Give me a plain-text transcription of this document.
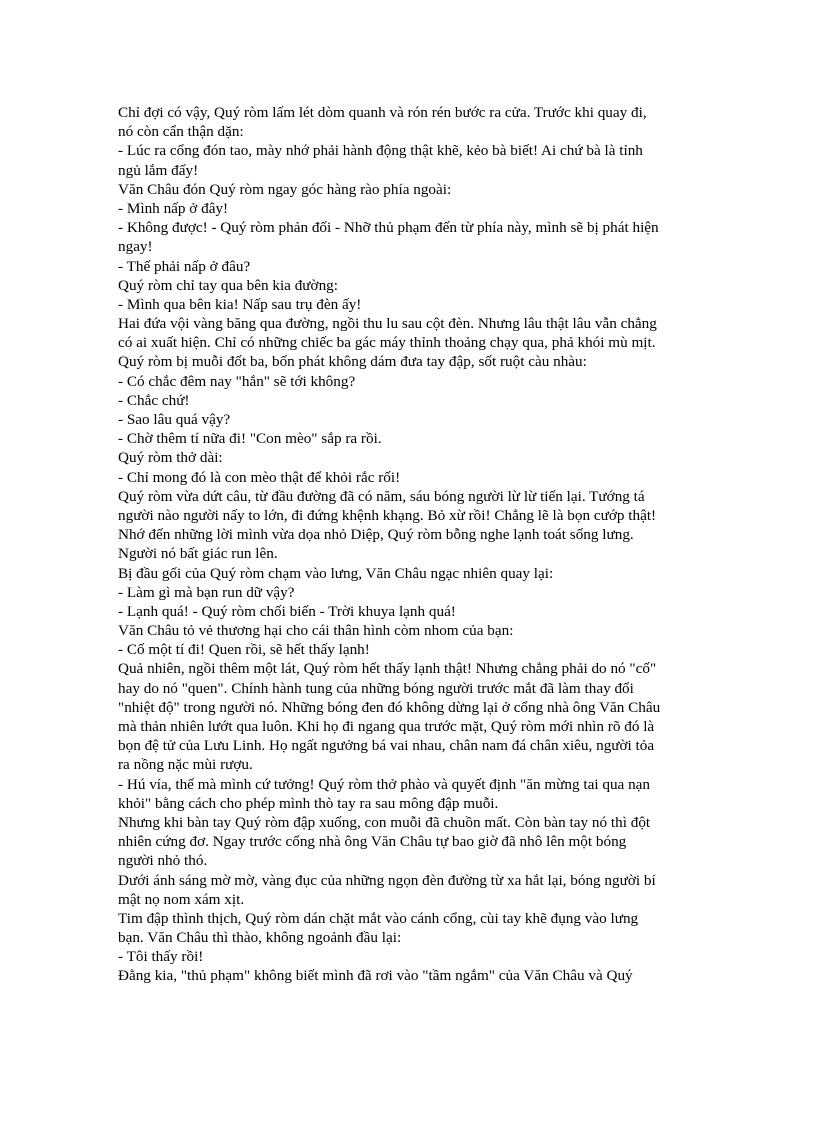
Chỉ đợi có vậy, Quý ròm lấm lét dòm quanh và rón rén bước ra cửa. Trước khi quay đi,
nó còn cẩn thận dặn:
- Lúc ra cổng đón tao, mày nhớ phải hành động thật khẽ, kẻo bà biết! Ai chứ bà là tỉnh
ngủ lắm đấy!
Văn Châu đón Quý ròm ngay góc hàng rào phía ngoài:
- Mình nấp ở đây!
- Không được! - Quý ròm phản đối - Nhỡ thủ phạm đến từ phía này, mình sẽ bị phát hiện
ngay!
- Thế phải nấp ở đâu?
Quý ròm chỉ tay qua bên kia đường:
- Mình qua bên kia! Nấp sau trụ đèn ấy!
Hai đứa vội vàng băng qua đường, ngồi thu lu sau cột đèn. Nhưng lâu thật lâu vẫn chẳng
có ai xuất hiện. Chỉ có những chiếc ba gác máy thỉnh thoảng chạy qua, phả khói mù mịt.
Quý ròm bị muỗi đốt ba, bốn phát không dám đưa tay đập, sốt ruột càu nhàu:
- Có chắc đêm nay "hắn" sẽ tới không?
- Chắc chứ!
- Sao lâu quá vậy?
- Chờ thêm tí nữa đi! "Con mèo" sắp ra rồi.
Quý ròm thở dài:
- Chỉ mong đó là con mèo thật để khỏi rắc rối!
Quý ròm vừa dứt câu, từ đầu đường đã có năm, sáu bóng người lừ lừ tiến lại. Tướng tá
người nào người nấy to lớn, đi đứng khệnh khạng. Bỏ xừ rồi! Chẳng lẽ là bọn cướp thật!
Nhớ đến những lời mình vừa dọa nhỏ Diệp, Quý ròm bỗng nghe lạnh toát sống lưng.
Người nó bất giác run lên.
Bị đầu gối của Quý ròm chạm vào lưng, Văn Châu ngạc nhiên quay lại:
- Làm gì mà bạn run dữ vậy?
- Lạnh quá! - Quý ròm chối biến - Trời khuya lạnh quá!
Văn Châu tỏ vẻ thương hại cho cái thân hình còm nhom của bạn:
- Cố một tí đi! Quen rồi, sẽ hết thấy lạnh!
Quả nhiên, ngồi thêm một lát, Quý ròm hết thấy lạnh thật! Nhưng chẳng phải do nó "cố"
hay do nó "quen". Chính hành tung của những bóng người trước mắt đã làm thay đổi
"nhiệt độ" trong người nó. Những bóng đen đó không dừng lại ở cổng nhà ông Văn Châu
mà thản nhiên lướt qua luôn. Khi họ đi ngang qua trước mặt, Quý ròm mới nhìn rõ đó là
bọn đệ tử của Lưu Linh. Họ ngất ngưởng bá vai nhau, chân nam đá chân xiêu, người tỏa
ra nồng nặc mùi rượu.
- Hú vía, thế mà mình cứ tưởng! Quý ròm thở phào và quyết định "ăn mừng tai qua nạn
khỏi" bằng cách cho phép mình thò tay ra sau mông đập muỗi.
Nhưng khi bàn tay Quý ròm đập xuống, con muỗi đã chuồn mất. Còn bàn tay nó thì đột
nhiên cứng đơ. Ngay trước cổng nhà ông Văn Châu tự bao giờ đã nhô lên một bóng
người nhỏ thó.
Dưới ánh sáng mờ mờ, vàng đục của những ngọn đèn đường từ xa hắt lại, bóng người bí
mật nọ nom xám xịt.
Tim đập thình thịch, Quý ròm dán chặt mắt vào cánh cổng, cùi tay khẽ đụng vào lưng
bạn. Văn Châu thì thào, không ngoảnh đầu lại:
- Tôi thấy rồi!
Đằng kia, "thủ phạm" không biết mình đã rơi vào "tầm ngắm" của Văn Châu và Quý
